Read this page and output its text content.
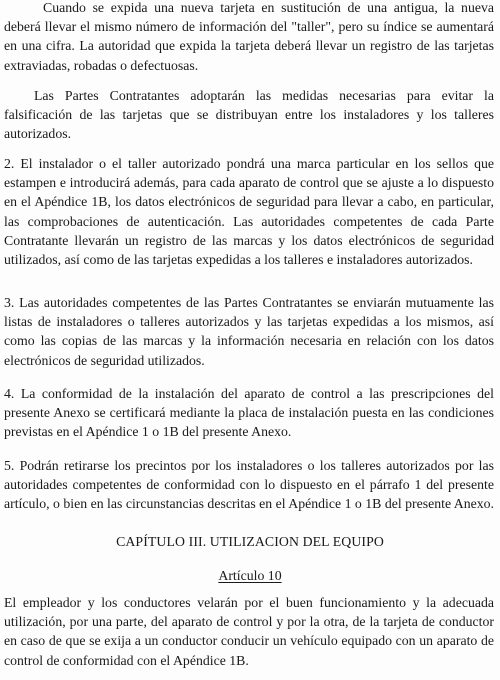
Cuando se expida una nueva tarjeta en sustitución de una antigua, la nueva deberá llevar el mismo número de información del "taller", pero su índice se aumentará en una cifra. La autoridad que expida la tarjeta deberá llevar un registro de las tarjetas extraviadas, robadas o defectuosas.

Las Partes Contratantes adoptarán las medidas necesarias para evitar la falsificación de las tarjetas que se distribuyan entre los instaladores y los talleres autorizados.

2. El instalador o el taller autorizado pondrá una marca particular en los sellos que estampen e introducirá además, para cada aparato de control que se ajuste a lo dispuesto en el Apéndice 1B, los datos electrónicos de seguridad para llevar a cabo, en particular, las comprobaciones de autenticación. Las autoridades competentes de cada Parte Contratante llevarán un registro de las marcas y los datos electrónicos de seguridad utilizados, así como de las tarjetas expedidas a los talleres e instaladores autorizados.

3. Las autoridades competentes de las Partes Contratantes se enviarán mutuamente las listas de instaladores o talleres autorizados y las tarjetas expedidas a los mismos, así como las copias de las marcas y la información necesaria en relación con los datos electrónicos de seguridad utilizados.

4. La conformidad de la instalación del aparato de control a las prescripciones del presente Anexo se certificará mediante la placa de instalación puesta en las condiciones previstas en el Apéndice 1 o 1B del presente Anexo.

5. Podrán retirarse los precintos por los instaladores o los talleres autorizados por las autoridades competentes de conformidad con lo dispuesto en el párrafo 1 del presente artículo, o bien en las circunstancias descritas en el Apéndice 1 o 1B del presente Anexo.

CAPÍTULO III. UTILIZACION DEL EQUIPO
Artículo 10

El empleador y los conductores velarán por el buen funcionamiento y la adecuada utilización, por una parte, del aparato de control y por la otra, de la tarjeta de conductor en caso de que se exija a un conductor conducir un vehículo equipado con un aparato de control de conformidad con el Apéndice 1B.
